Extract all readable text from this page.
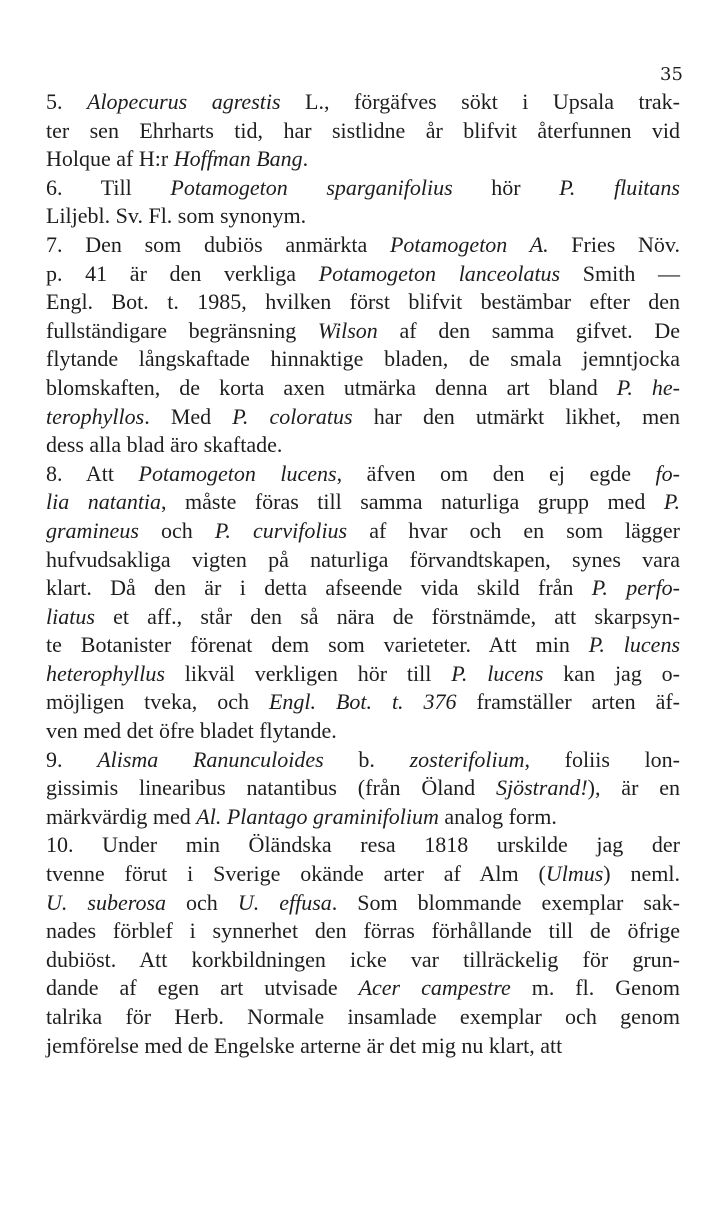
35
5. Alopecurus agrestis L., förgäfves sökt i Upsala trak-
ter sen Ehrharts tid, har sistlidne år blifvit återfunnen vid
Holque af H:r Hoffman Bang.
6. Till Potamogeton sparganifolius hör P. fluitans
Liljebl. Sv. Fl. som synonym.
7. Den som dubiös anmärkta Potamogeton A. Fries Növ.
p. 41 är den verkliga Potamogeton lanceolatus Smith —
Engl. Bot. t. 1985, hvilken först blifvit bestämbar efter den
fullständigare begränsning Wilson af den samma gifvet. De
flytande långskaftade hinnaktige bladen, de smala jemntjocka
blomskaften, de korta axen utmärka denna art bland P. he-
terophyllos. Med P. coloratus har den utmärkt likhet, men
dess alla blad äro skaftade.
8. Att Potamogeton lucens, äfven om den ej egde fo-
lia natantia, måste föras till samma naturliga grupp med P.
gramineus och P. curvifolius af hvar och en som lägger
hufvudsakliga vigten på naturliga förvandtskapen, synes vara
klart. Då den är i detta afseende vida skild från P. perfo-
liatus et aff., står den så nära de förstnämde, att skarpsyn-
te Botanister förenat dem som varieteter. Att min P. lucens
heterophyllus likväl verkligen hör till P. lucens kan jag o-
möjligen tveka, och Engl. Bot. t. 376 framställer arten äf-
ven med det öfre bladet flytande.
9. Alisma Ranunculoides b. zosterifolium, foliis lon-
gissimis linearibus natantibus (från Öland Sjöstrand!), är en
märkvärdig med Al. Plantago graminifolium analog form.
10. Under min Öländska resa 1818 urskilde jag der
tvenne förut i Sverige okände arter af Alm (Ulmus) neml.
U. suberosa och U. effusa. Som blommande exemplar sak-
nades förblef i synnerhet den förras förhållande till de öfrige
dubiöst. Att korkbildningen icke var tillräckelig för grun-
dande af egen art utvisade Acer campestre m. fl. Genom
talrika för Herb. Normale insamlade exemplar och genom
jemförelse med de Engelske arterne är det mig nu klart, att
